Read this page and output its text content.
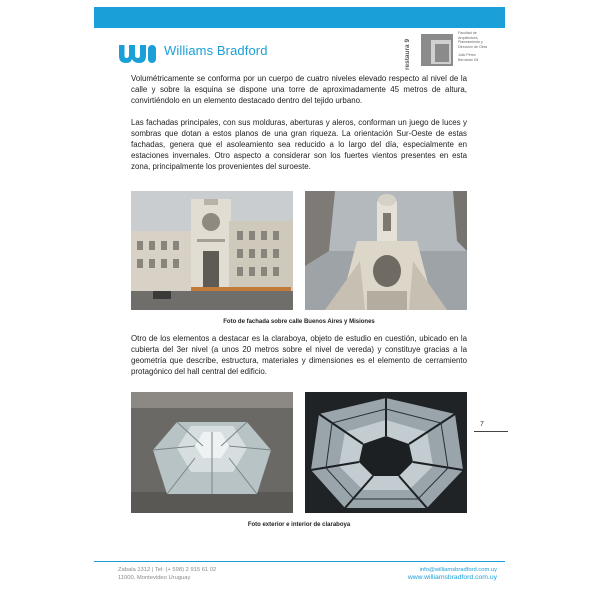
Williams Bradford	restaura 9
Facultad de
Arquitectura,
Planeamiento y
Dirección de Obra
Julio Pérez
Bernardo Gil

Volumétricamente se conforma por un cuerpo de cuatro niveles elevado respecto al nivel de la calle y sobre la esquina se dispone una torre de aproximadamente 45 metros de altura, convirtiéndolo en un elemento destacado dentro del tejido urbano.

Las fachadas principales, con sus molduras, aberturas y aleros, conforman un juego de luces y sombras que dotan a estos planos de una gran riqueza. La orientación Sur-Oeste de estas fachadas, genera que el asoleamiento sea reducido a lo largo del día, especialmente en estaciones invernales. Otro aspecto a considerar son los fuertes vientos presentes en esta zona, principalmente los provenientes del suroeste.

Foto de fachada sobre calle Buenos Aires y Misiones

Otro de los elementos a destacar es la claraboya, objeto de estudio en cuestión, ubicado en la cubierta del 3er nivel (a unos 20 metros sobre el nivel de vereda) y constituye gracias a la geometría que describe, estructura, materiales y dimensiones es el elemento de cerramiento protagónico del hall central del edificio.

Foto exterior e interior de claraboya
7
Zabala 1312 | Tel: (+ 598) 2 915 61 02
11000, Montevideo Uruguay
info@williamsbradford.com.uy
www.williamsbradford.com.uy
